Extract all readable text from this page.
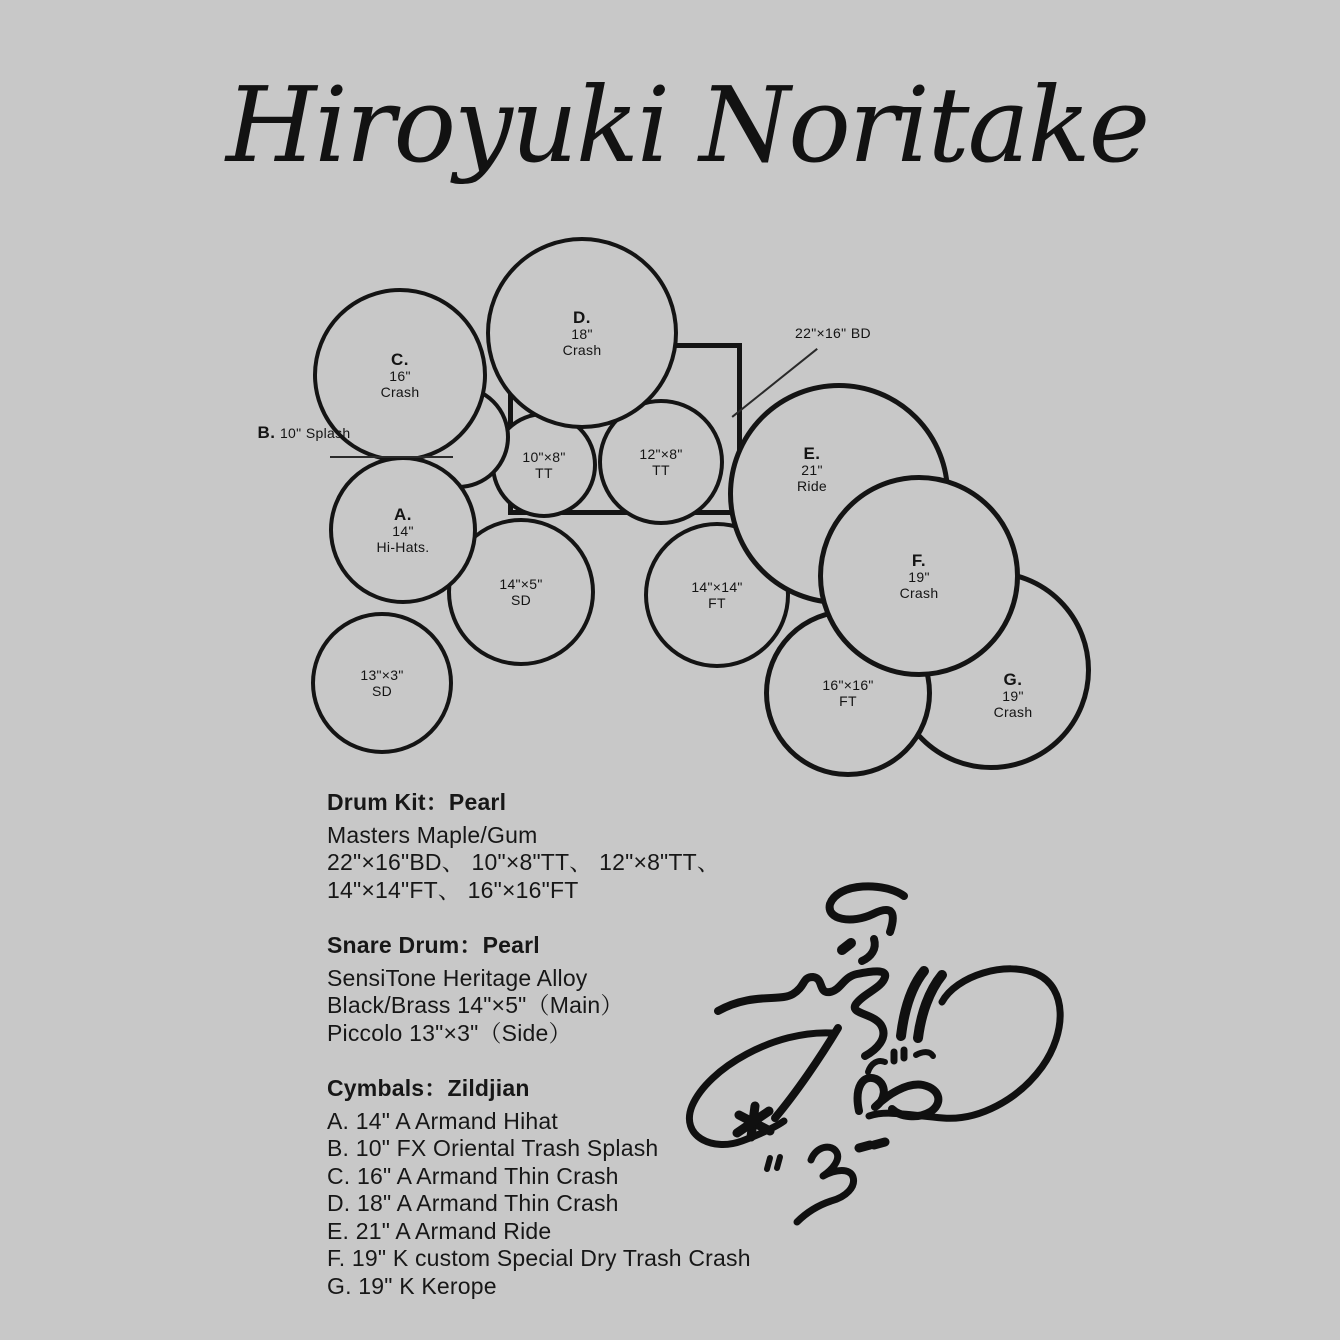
Hiroyuki Noritake
12"×8"
TT
10"×8"
TT
14"×5"
SD
13"×3"
SD
C.
16"
Crash
A.
14"
Hi-Hats.
D.
18"
Crash
14"×14"
FT
G.
19"
Crash
E.
21"
Ride
16"×16"
FT
F.
19"
Crash
B. 10" Splash
22"×16" BD
Drum Kit：Pearl
Masters Maple/Gum
22"×16"BD、 10"×8"TT、 12"×8"TT、
14"×14"FT、 16"×16"FT
Snare Drum：Pearl
SensiTone Heritage Alloy
Black/Brass 14"×5"（Main）
Piccolo 13"×3"（Side）
Cymbals：Zildjian
A. 14" A Armand Hihat
B. 10" FX Oriental Trash Splash
C. 16" A Armand Thin Crash
D. 18" A Armand Thin Crash
E. 21" A Armand Ride
F. 19" K custom Special Dry Trash Crash
G. 19" K Kerope
